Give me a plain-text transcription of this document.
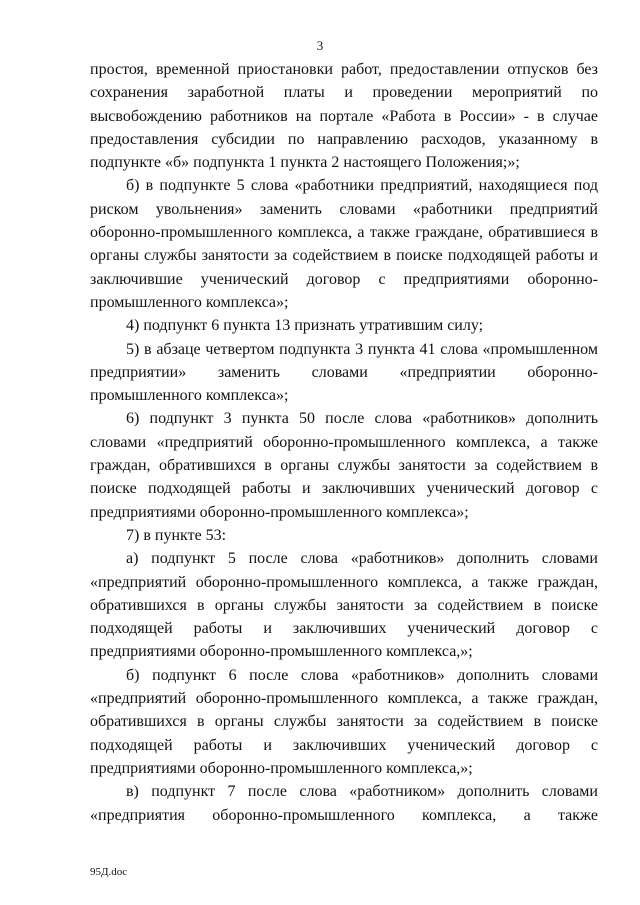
3

простоя, временной приостановки работ, предоставлении отпусков без сохранения заработной платы и проведении мероприятий по высвобождению работников на портале «Работа в России» - в случае предоставления субсидии по направлению расходов, указанному в подпункте «б» подпункта 1 пункта 2 настоящего Положения;»;

б) в подпункте 5 слова «работники предприятий, находящиеся под риском увольнения» заменить словами «работники предприятий оборонно-промышленного комплекса, а также граждане, обратившиеся в органы службы занятости за содействием в поиске подходящей работы и заключившие ученический договор с предприятиями оборонно-промышленного комплекса»;

4) подпункт 6 пункта 13 признать утратившим силу;

5) в абзаце четвертом подпункта 3 пункта 41 слова «промышленном предприятии» заменить словами «предприятии оборонно-промышленного комплекса»;

6) подпункт 3 пункта 50 после слова «работников» дополнить словами «предприятий оборонно-промышленного комплекса, а также граждан, обратившихся в органы службы занятости за содействием в поиске подходящей работы и заключивших ученический договор с предприятиями оборонно-промышленного комплекса»;

7) в пункте 53:

а) подпункт 5 после слова «работников» дополнить словами «предприятий оборонно-промышленного комплекса, а также граждан, обратившихся в органы службы занятости за содействием в поиске подходящей работы и заключивших ученический договор с предприятиями оборонно-промышленного комплекса,»;

б) подпункт 6 после слова «работников» дополнить словами «предприятий оборонно-промышленного комплекса, а также граждан, обратившихся в органы службы занятости за содействием в поиске подходящей работы и заключивших ученический договор с предприятиями оборонно-промышленного комплекса,»;

в) подпункт 7 после слова «работником» дополнить словами «предприятия оборонно-промышленного комплекса, а также

95Д.doc
